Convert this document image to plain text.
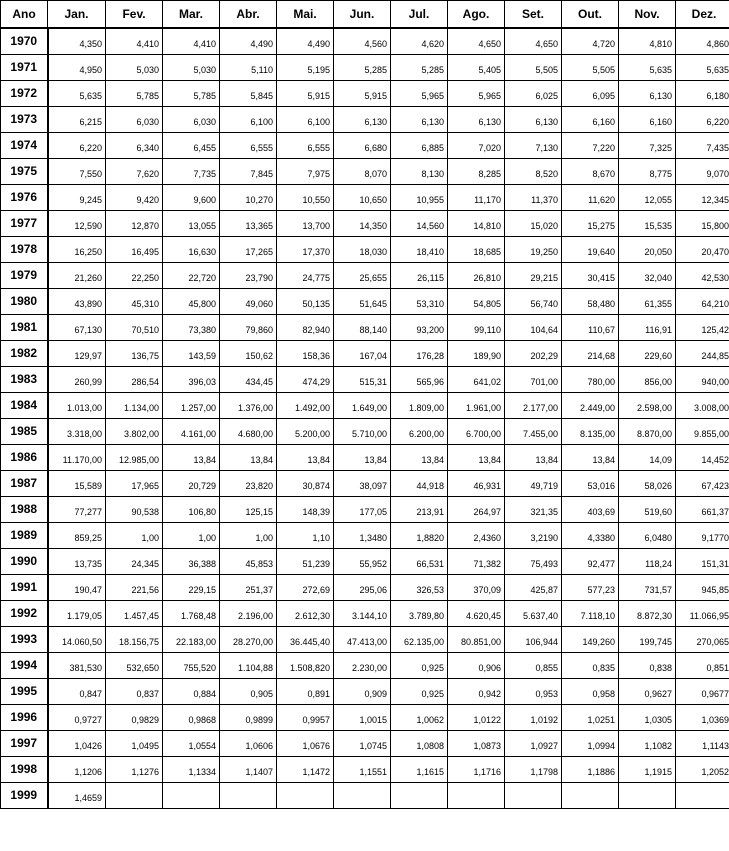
Ano	Jan.	Fev.	Mar.	Abr.	Mai.	Jun.	Jul.	Ago.	Set.	Out.	Nov.	Dez.
1970	4,350	4,410	4,410	4,490	4,490	4,560	4,620	4,650	4,650	4,720	4,810	4,860
1971	4,950	5,030	5,030	5,110	5,195	5,285	5,285	5,405	5,505	5,505	5,635	5,635
1972	5,635	5,785	5,785	5,845	5,915	5,915	5,965	5,965	6,025	6,095	6,130	6,180
1973	6,215	6,030	6,030	6,100	6,100	6,130	6,130	6,130	6,130	6,160	6,160	6,220
1974	6,220	6,340	6,455	6,555	6,555	6,680	6,885	7,020	7,130	7,220	7,325	7,435
1975	7,550	7,620	7,735	7,845	7,975	8,070	8,130	8,285	8,520	8,670	8,775	9,070
1976	9,245	9,420	9,600	10,270	10,550	10,650	10,955	11,170	11,370	11,620	12,055	12,345
1977	12,590	12,870	13,055	13,365	13,700	14,350	14,560	14,810	15,020	15,275	15,535	15,800
1978	16,250	16,495	16,630	17,265	17,370	18,030	18,410	18,685	19,250	19,640	20,050	20,470
1979	21,260	22,250	22,720	23,790	24,775	25,655	26,115	26,810	29,215	30,415	32,040	42,530
1980	43,890	45,310	45,800	49,060	50,135	51,645	53,310	54,805	56,740	58,480	61,355	64,210
1981	67,130	70,510	73,380	79,860	82,940	88,140	93,200	99,110	104,64	110,67	116,91	125,42
1982	129,97	136,75	143,59	150,62	158,36	167,04	176,28	189,90	202,29	214,68	229,60	244,85
1983	260,99	286,54	396,03	434,45	474,29	515,31	565,96	641,02	701,00	780,00	856,00	940,00
1984	1.013,00	1.134,00	1.257,00	1.376,00	1.492,00	1.649,00	1.809,00	1.961,00	2.177,00	2.449,00	2.598,00	3.008,00
1985	3.318,00	3.802,00	4.161,00	4.680,00	5.200,00	5.710,00	6.200,00	6.700,00	7.455,00	8.135,00	8.870,00	9.855,00
1986	11.170,00	12.985,00	13,84	13,84	13,84	13,84	13,84	13,84	13,84	13,84	14,09	14,452
1987	15,589	17,965	20,729	23,820	30,874	38,097	44,918	46,931	49,719	53,016	58,026	67,423
1988	77,277	90,538	106,80	125,15	148,39	177,05	213,91	264,97	321,35	403,69	519,60	661,37
1989	859,25	1,00	1,00	1,00	1,10	1,3480	1,8820	2,4360	3,2190	4,3380	6,0480	9,1770
1990	13,735	24,345	36,388	45,853	51,239	55,952	66,531	71,382	75,493	92,477	118,24	151,31
1991	190,47	221,56	229,15	251,37	272,69	295,06	326,53	370,09	425,87	577,23	731,57	945,85
1992	1.179,05	1.457,45	1.768,48	2.196,00	2.612,30	3.144,10	3.789,80	4.620,45	5.637,40	7.118,10	8.872,30	11.066,95
1993	14.060,50	18.156,75	22.183,00	28.270,00	36.445,40	47.413,00	62.135,00	80.851,00	106,944	149,260	199,745	270,065
1994	381,530	532,650	755,520	1.104,88	1.508,820	2.230,00	0,925	0,906	0,855	0,835	0,838	0,851
1995	0,847	0,837	0,884	0,905	0,891	0,909	0,925	0,942	0,953	0,958	0,9627	0,9677
1996	0,9727	0,9829	0,9868	0,9899	0,9957	1,0015	1,0062	1,0122	1,0192	1,0251	1,0305	1,0369
1997	1,0426	1,0495	1,0554	1,0606	1,0676	1,0745	1,0808	1,0873	1,0927	1,0994	1,1082	1,1143
1998	1,1206	1,1276	1,1334	1,1407	1,1472	1,1551	1,1615	1,1716	1,1798	1,1886	1,1915	1,2052
1999	1,4659											
